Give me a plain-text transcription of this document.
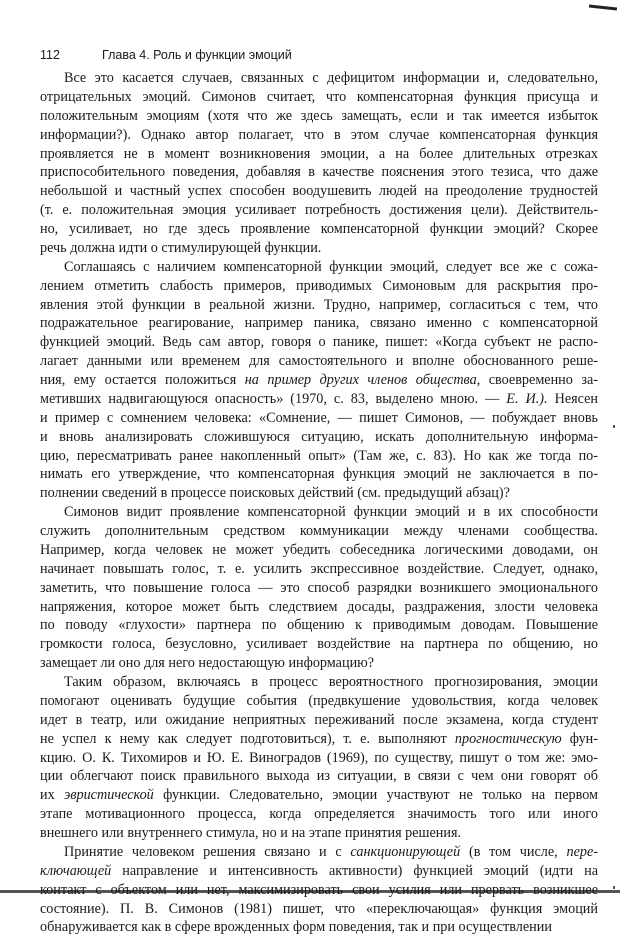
112	Глава 4. Роль и функции эмоций
Все это касается случаев, связанных с дефицитом информации и, следовательно,
отрицательных эмоций. Симонов считает, что компенсаторная функция присуща и
положительным эмоциям (хотя что же здесь замещать, если и так имеется избыток
информации?). Однако автор полагает, что в этом случае компенсаторная функция
проявляется не в момент возникновения эмоции, а на более длительных отрезках
приспособительного поведения, добавляя в качестве пояснения этого тезиса, что даже
небольшой и частный успех способен воодушевить людей на преодоление трудностей
(т. е. положительная эмоция усиливает потребность достижения цели). Действитель-
но, усиливает, но где здесь проявление компенсаторной функции эмоций? Скорее
речь должна идти о стимулирующей функции.
Соглашаясь с наличием компенсаторной функции эмоций, следует все же с сожа-
лением отметить слабость примеров, приводимых Симоновым для раскрытия про-
явления этой функции в реальной жизни. Трудно, например, согласиться с тем, что
подражательное реагирование, например паника, связано именно с компенсаторной
функцией эмоций. Ведь сам автор, говоря о панике, пишет: «Когда субъект не распо-
лагает данными или временем для самостоятельного и вполне обоснованного реше-
ния, ему остается положиться на пример других членов общества, своевременно за-
метивших надвигающуюся опасность» (1970, с. 83, выделено мною. — Е. И.). Неясен
и пример с сомнением человека: «Сомнение, — пишет Симонов, — побуждает вновь
и вновь анализировать сложившуюся ситуацию, искать дополнительную информа-
цию, пересматривать ранее накопленный опыт» (Там же, с. 83). Но как же тогда по-
нимать его утверждение, что компенсаторная функция эмоций не заключается в по-
полнении сведений в процессе поисковых действий (см. предыдущий абзац)?
Симонов видит проявление компенсаторной функции эмоций и в их способности
служить дополнительным средством коммуникации между членами сообщества.
Например, когда человек не может убедить собеседника логическими доводами, он
начинает повышать голос, т. е. усилить экспрессивное воздействие. Следует, однако,
заметить, что повышение голоса — это способ разрядки возникшего эмоционального
напряжения, которое может быть следствием досады, раздражения, злости человека
по поводу «глухости» партнера по общению к приводимым доводам. Повышение
громкости голоса, безусловно, усиливает воздействие на партнера по общению, но
замещает ли оно для него недостающую информацию?
Таким образом, включаясь в процесс вероятностного прогнозирования, эмоции
помогают оценивать будущие события (предвкушение удовольствия, когда человек
идет в театр, или ожидание неприятных переживаний после экзамена, когда студент
не успел к нему как следует подготовиться), т. е. выполняют прогностическую фун-
кцию. О. К. Тихомиров и Ю. Е. Виноградов (1969), по существу, пишут о том же: эмо-
ции облегчают поиск правильного выхода из ситуации, в связи с чем они говорят об
их эвристической функции. Следовательно, эмоции участвуют не только на первом
этапе мотивационного процесса, когда определяется значимость того или иного
внешнего или внутреннего стимула, но и на этапе принятия решения.
Принятие человеком решения связано и с санкционирующей (в том числе, пере-
ключающей направление и интенсивность активности) функцией эмоций (идти на
контакт с объектом или нет, максимизировать свои усилия или прервать возникшее
состояние). П. В. Симонов (1981) пишет, что «переключающая» функция эмоций
обнаруживается как в сфере врожденных форм поведения, так и при осуществлении
